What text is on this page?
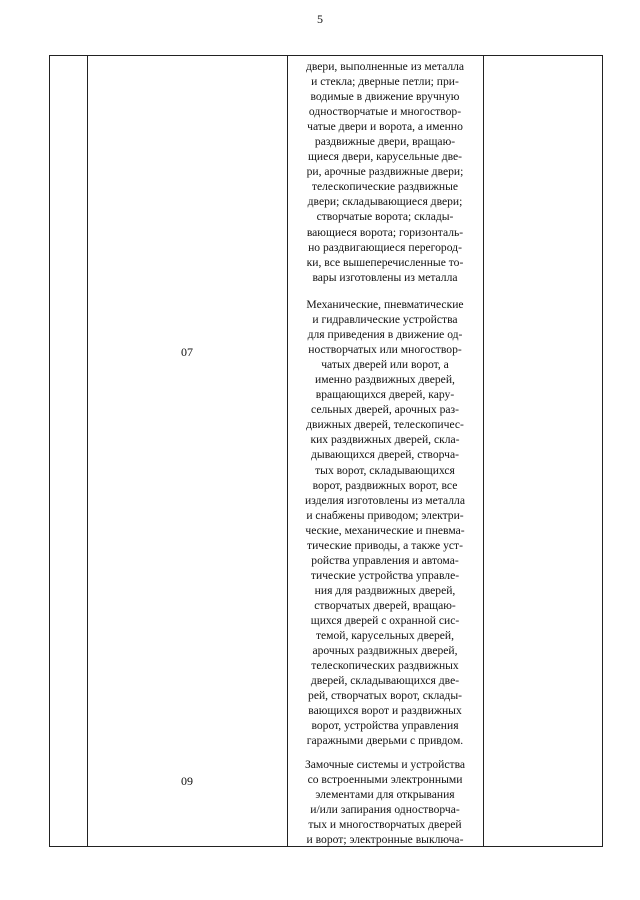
5
07
09
двери, выполненные из металла
и стекла; дверные петли; при-
водимые в движение вручную
одностворчатые и многоствор-
чатые двери и ворота, а именно
раздвижные двери, вращаю-
щиеся двери, карусельные две-
ри, арочные раздвижные двери;
телескопические раздвижные
двери; складывающиеся двери;
створчатые ворота; склады-
вающиеся ворота; горизонталь-
но раздвигающиеся перегород-
ки, все вышеперечисленные то-
вары изготовлены из металла
Механические, пневматические
и гидравлические устройства
для приведения в движение од-
ностворчатых или многоствор-
чатых дверей или ворот, а
именно раздвижных дверей,
вращающихся дверей, кару-
сельных дверей, арочных раз-
движных дверей, телескопичес-
ких раздвижных дверей, склa-
дывающихся дверей, створча-
тых ворот, складывающихся
ворот, раздвижных ворот, все
изделия изготовлены из металла
и снабжены приводом; электри-
ческие, механические и пневма-
тические приводы, а также уст-
ройства управления и автома-
тические устройства управле-
ния для раздвижных дверей,
створчатых дверей, вращаю-
щихся дверей с охранной сис-
темой, карусельных дверей,
арочных раздвижных дверей,
телескопических раздвижных
дверей, складывающихся две-
рей, створчатых ворот, склады-
вающихся ворот и раздвижных
ворот, устройства управления
гаражными дверьми с привдом.
Замочные системы и устройства
со встроенными электронными
элементами для открывания
и/или запирания одностворча-
тых и многостворчатых дверей
и ворот; электронные выключа-
